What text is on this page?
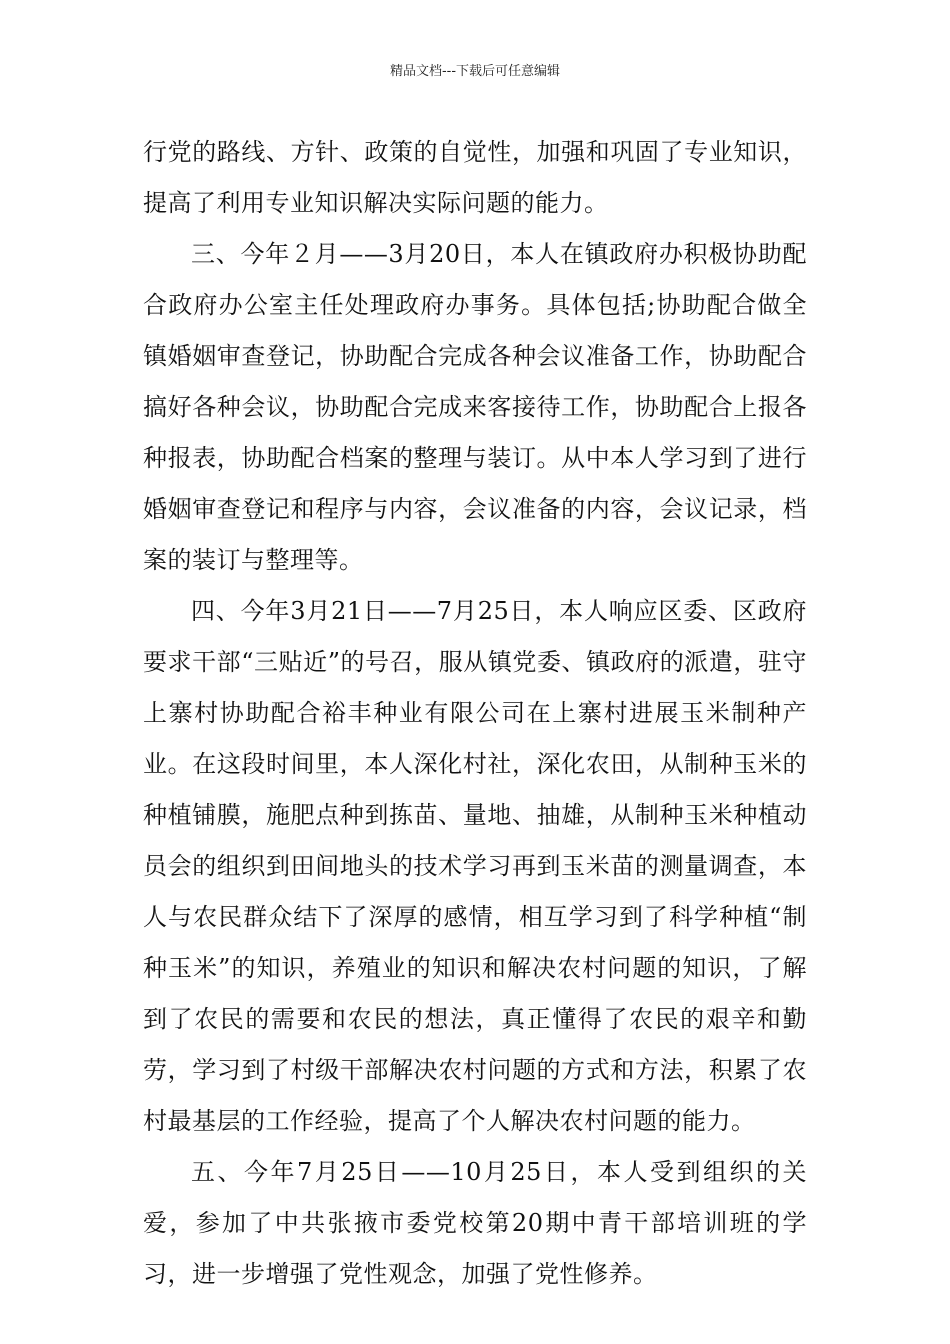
精品文档---下载后可任意编辑

行党的路线、方针、政策的自觉性，加强和巩固了专业知识，提高了利用专业知识解决实际问题的能力。

三、今年２月——3月20日，本人在镇政府办积极协助配合政府办公室主任处理政府办事务。具体包括;协助配合做全镇婚姻审查登记，协助配合完成各种会议准备工作，协助配合搞好各种会议，协助配合完成来客接待工作，协助配合上报各种报表，协助配合档案的整理与装订。从中本人学习到了进行婚姻审查登记和程序与内容，会议准备的内容，会议记录，档案的装订与整理等。

四、今年3月21日——7月25日，本人响应区委、区政府要求干部“三贴近”的号召，服从镇党委、镇政府的派遣，驻守上寨村协助配合裕丰种业有限公司在上寨村进展玉米制种产业。在这段时间里，本人深化村社，深化农田，从制种玉米的种植铺膜，施肥点种到拣苗、量地、抽雄，从制种玉米种植动员会的组织到田间地头的技术学习再到玉米苗的测量调查，本人与农民群众结下了深厚的感情，相互学习到了科学种植“制种玉米”的知识，养殖业的知识和解决农村问题的知识，了解到了农民的需要和农民的想法，真正懂得了农民的艰辛和勤劳，学习到了村级干部解决农村问题的方式和方法，积累了农村最基层的工作经验，提高了个人解决农村问题的能力。

五、今年7月25日——10月25日，本人受到组织的关爱，参加了中共张掖市委党校第20期中青干部培训班的学习，进一步增强了党性观念，加强了党性修养。
